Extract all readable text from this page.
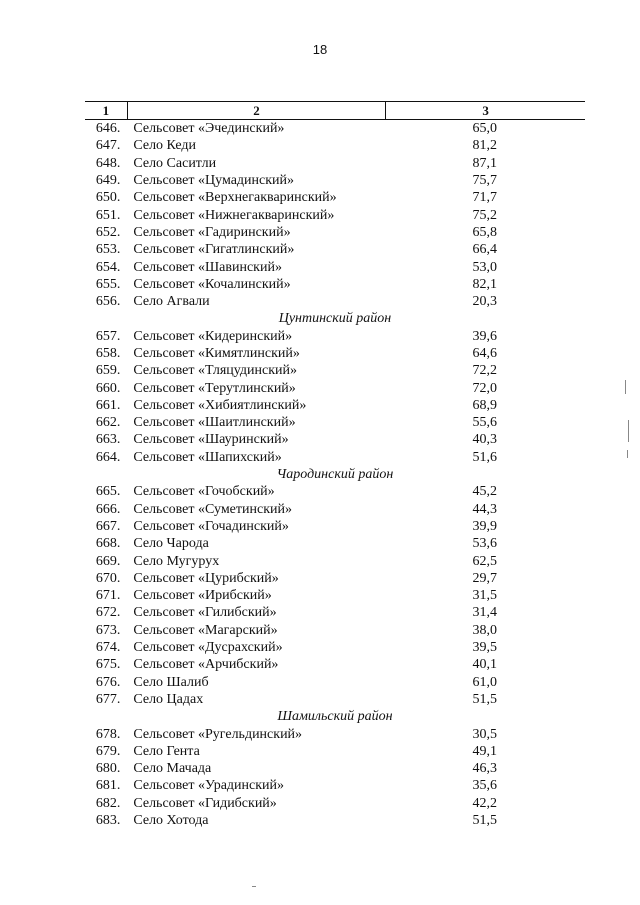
18
1	2	3
646.	Сельсовет «Эчединский»	65,0
647.	Село Кеди	81,2
648.	Село Саситли	87,1
649.	Сельсовет «Цумадинский»	75,7
650.	Сельсовет «Верхнегакваринский»	71,7
651.	Сельсовет «Нижнегакваринский»	75,2
652.	Сельсовет «Гадиринский»	65,8
653.	Сельсовет «Гигатлинский»	66,4
654.	Сельсовет «Шавинский»	53,0
655.	Сельсовет «Кочалинский»	82,1
656.	Село Агвали	20,3
Цунтинский район		
657.	Сельсовет «Кидеринский»	39,6
658.	Сельсовет «Кимятлинский»	64,6
659.	Сельсовет «Тляцудинский»	72,2
660.	Сельсовет «Терутлинский»	72,0
661.	Сельсовет «Хибиятлинский»	68,9
662.	Сельсовет «Шаитлинский»	55,6
663.	Сельсовет «Шауринский»	40,3
664.	Сельсовет «Шапихский»	51,6
Чародинский район		
665.	Сельсовет «Гочобский»	45,2
666.	Сельсовет «Суметинский»	44,3
667.	Сельсовет «Гочадинский»	39,9
668.	Село Чарода	53,6
669.	Село Мугурух	62,5
670.	Сельсовет «Цурибский»	29,7
671.	Сельсовет «Ирибский»	31,5
672.	Сельсовет «Гилибский»	31,4
673.	Сельсовет «Магарский»	38,0
674.	Сельсовет «Дусрахский»	39,5
675.	Сельсовет «Арчибский»	40,1
676.	Село Шалиб	61,0
677.	Село Цадах	51,5
Шамильский район		
678.	Сельсовет «Ругельдинский»	30,5
679.	Село Гента	49,1
680.	Село Мачада	46,3
681.	Сельсовет «Урадинский»	35,6
682.	Сельсовет «Гидибский»	42,2
683.	Село Хотода	51,5
